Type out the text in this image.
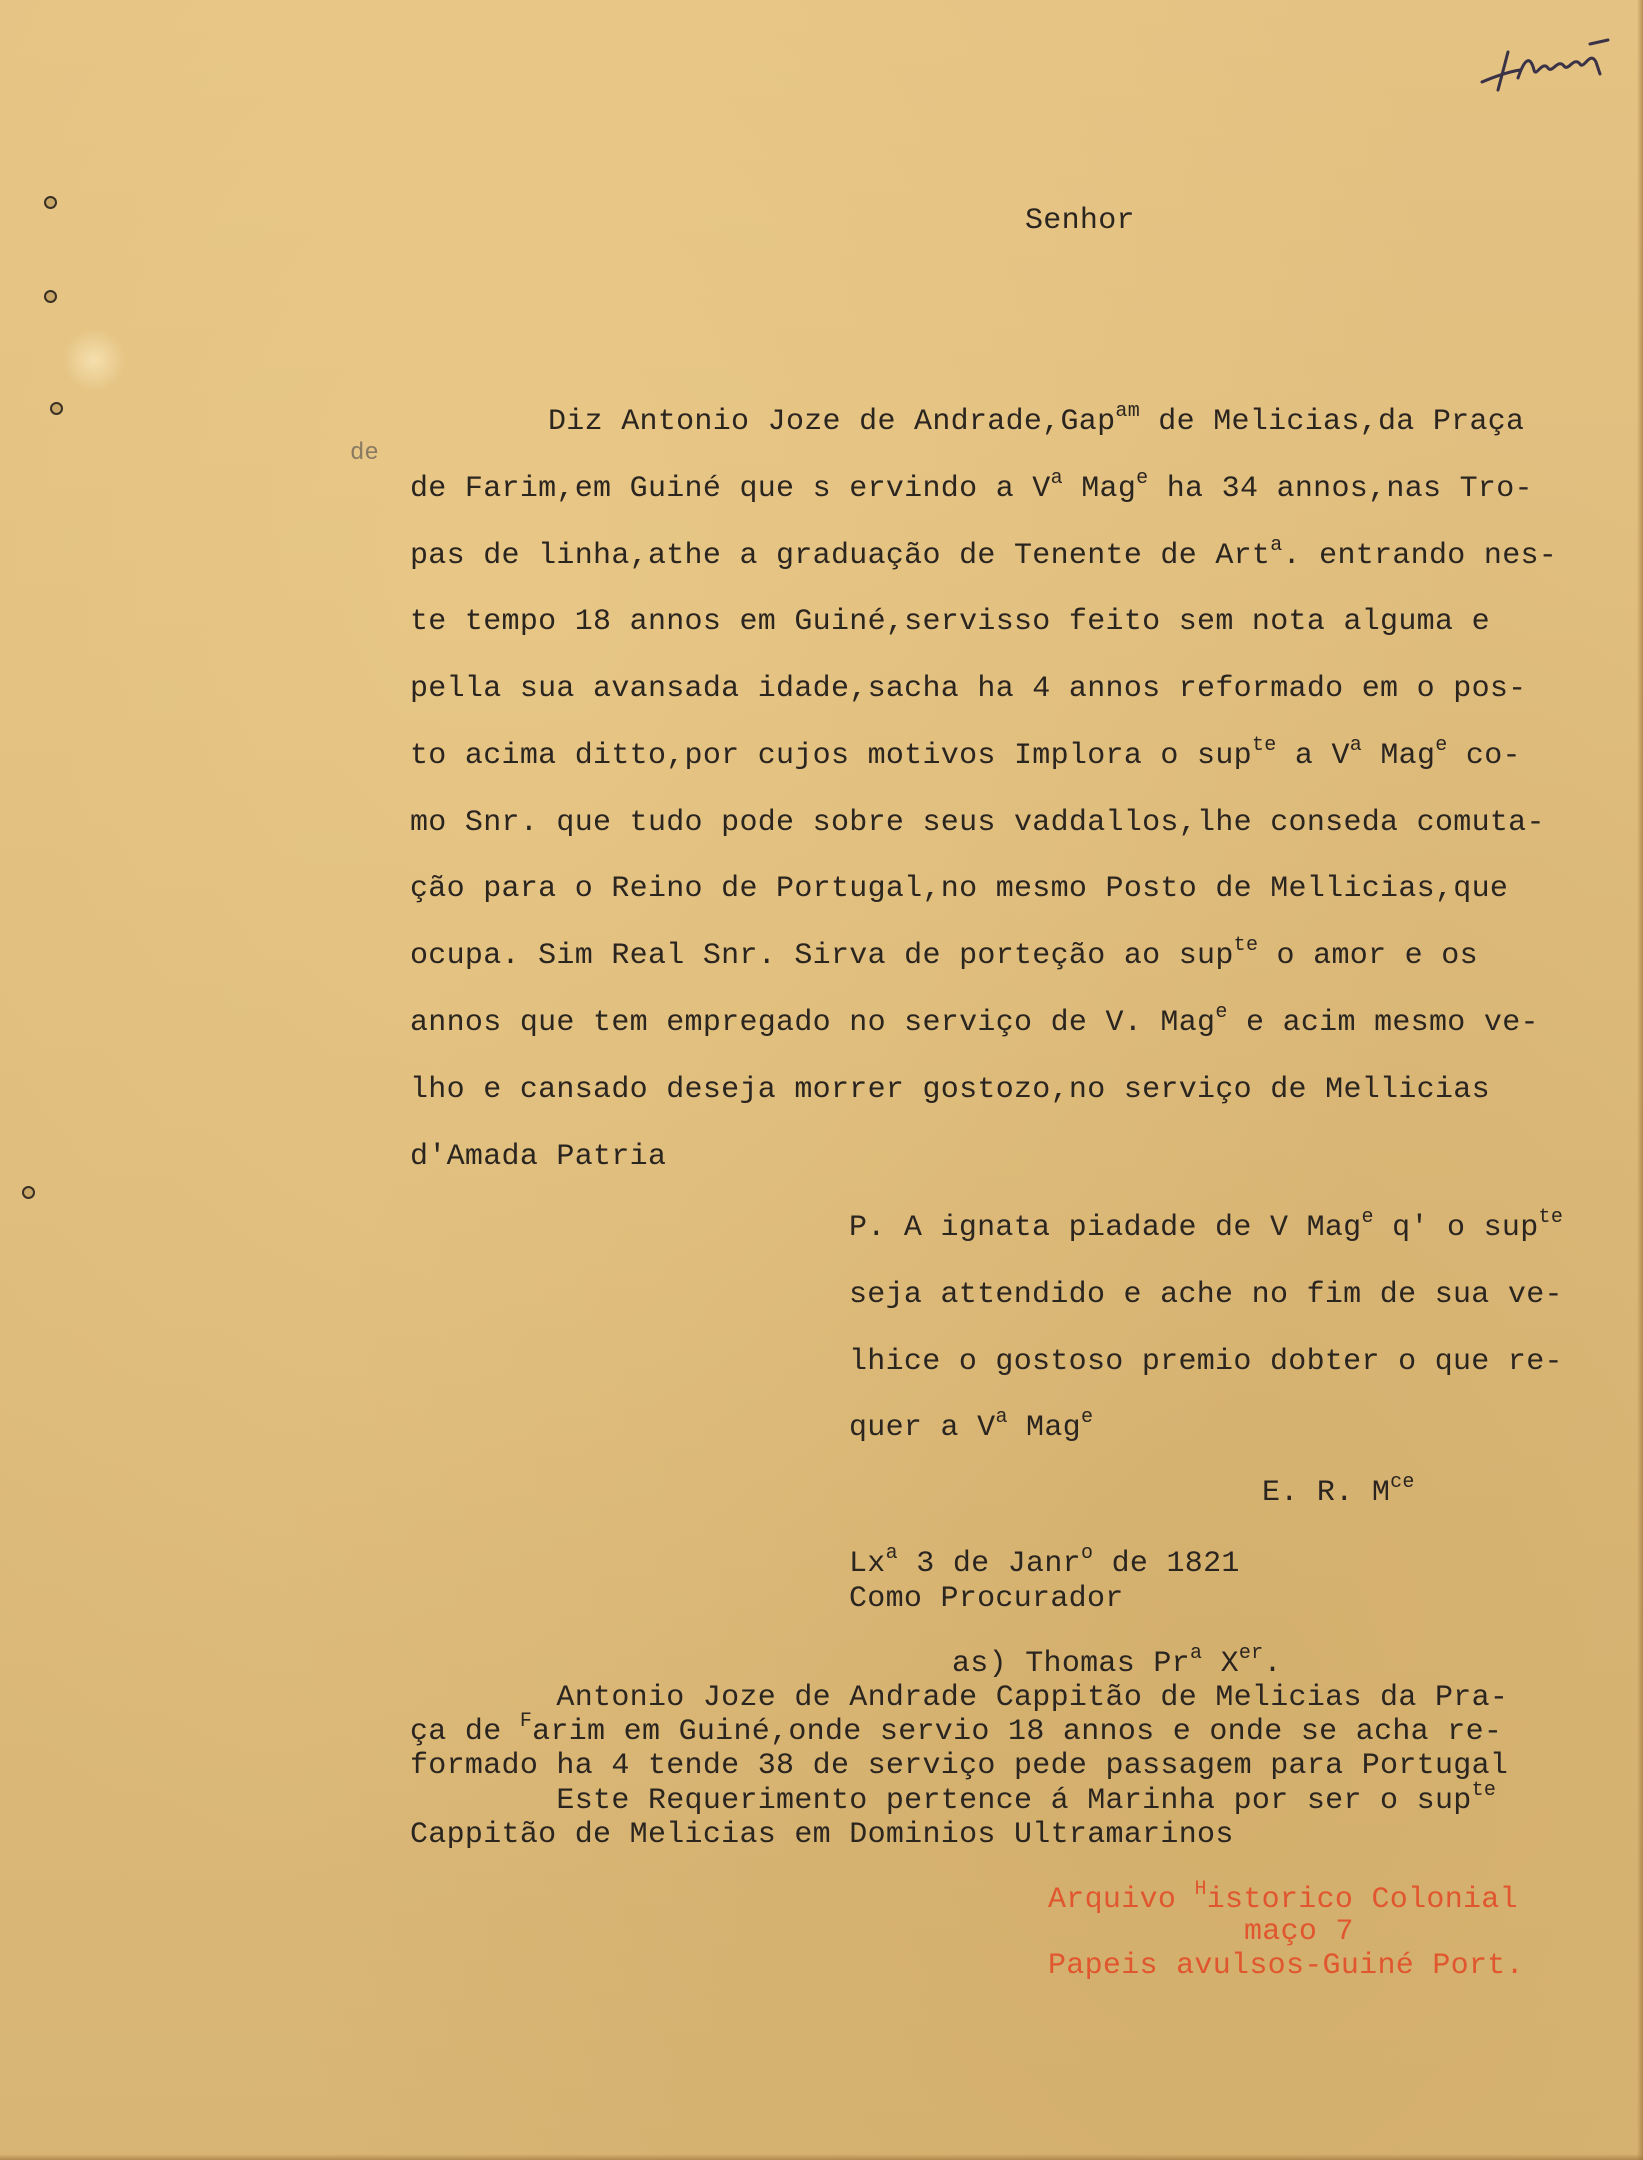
Senhor
de
Diz Antonio Joze de Andrade,Gap$^{am}$ de Melicias,da Praça
de Farim,em Guiné que s ervindo a $V^a$ Mag$^e$ ha 34 annos,nas Tro-
pas de linha,athe a graduação de Tenente de Art$^a$. entrando nes-
te tempo 18 annos em Guiné,servisso feito sem nota alguma e
pella sua avansada idade,sacha ha 4 annos reformado em o pos-
to acima ditto,por cujos motivos Implora o sup$^{te}$ a $V^a$ Mag$^e$ co-
mo Snr. que tudo pode sobre seus vaddallos,lhe conseda comuta-
ção para o Reino de Portugal,no mesmo Posto de Mellicias,que
ocupa. Sim Real Snr. Sirva de porteção ao sup$^{te}$ o amor e os
annos que tem empregado no serviço de V. Mag$^e$ e acim mesmo ve-
lho e cansado deseja morrer gostozo,no serviço de Mellicias
d'Amada Patria
P. A ignata piadade de V Mag$^e$ q' o sup$^{te}$
seja attendido e ache no fim de sua ve-
lhice o gostoso premio dobter o que re-
quer a $V^a$ Mag$^e$
E. R. $M^{ce}$
Lx$^a$ 3 de Janr$^o$ de 1821
Como Procurador
as) Thomas Pr$^a$ Xer.
Antonio Joze de Andrade Cappitão de Melicias da Pra-
ça de $^F$arim em Guiné,onde servio 18 annos e onde se acha re-
formado ha 4 tende 38 de serviço pede passagem para Portugal
Este Requerimento pertence á Marinha por ser o sup$^{te}$
Cappitão de Melicias em Dominios Ultramarinos
Arquivo $^H$istorico Colonial
maço 7
Papeis avulsos-Guiné Port.
